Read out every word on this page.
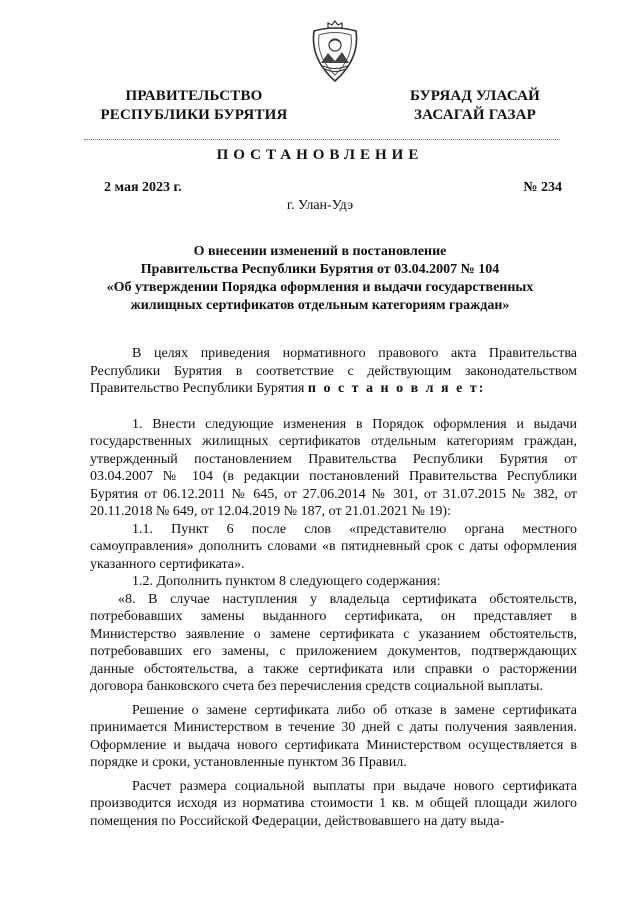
ПРАВИТЕЛЬСТВО
РЕСПУБЛИКИ БУРЯТИЯ
БУРЯАД УЛАСАЙ
ЗАСАГАЙ ГАЗАР
ПОСТАНОВЛЕНИЕ
2 мая 2023 г.	№ 234
г. Улан-Удэ
О внесении изменений в постановление
Правительства Республики Бурятия от 03.04.2007 № 104
«Об утверждении Порядка оформления и выдачи государственных
жилищных сертификатов отдельным категориям граждан»

В целях приведения нормативного правового акта Правительства Республики Бурятия в соответствие с действующим законодательством Правительство Республики Бурятия п о с т а н о в л я е т:

1. Внести следующие изменения в Порядок оформления и выдачи государственных жилищных сертификатов отдельным категориям граждан, утвержденный постановлением Правительства Республики Бурятия от 03.04.2007 № 104 (в редакции постановлений Правительства Республики Бурятия от 06.12.2011 № 645, от 27.06.2014 № 301, от 31.07.2015 № 382, от 20.11.2018 № 649, от 12.04.2019 № 187, от 21.01.2021 № 19):

1.1. Пункт 6 после слов «представителю органа местного самоуправления» дополнить словами «в пятидневный срок с даты оформления указанного сертификата».

1.2. Дополнить пунктом 8 следующего содержания:

«8. В случае наступления у владельца сертификата обстоятельств, потребовавших замены выданного сертификата, он представляет в Министерство заявление о замене сертификата с указанием обстоятельств, потребовавших его замены, с приложением документов, подтверждающих данные обстоятельства, а также сертификата или справки о расторжении договора банковского счета без перечисления средств социальной выплаты.

Решение о замене сертификата либо об отказе в замене сертификата принимается Министерством в течение 30 дней с даты получения заявления. Оформление и выдача нового сертификата Министерством осуществляется в порядке и сроки, установленные пунктом 36 Правил.

Расчет размера социальной выплаты при выдаче нового сертификата производится исходя из норматива стоимости 1 кв. м общей площади жилого помещения по Российской Федерации, действовавшего на дату выда-
